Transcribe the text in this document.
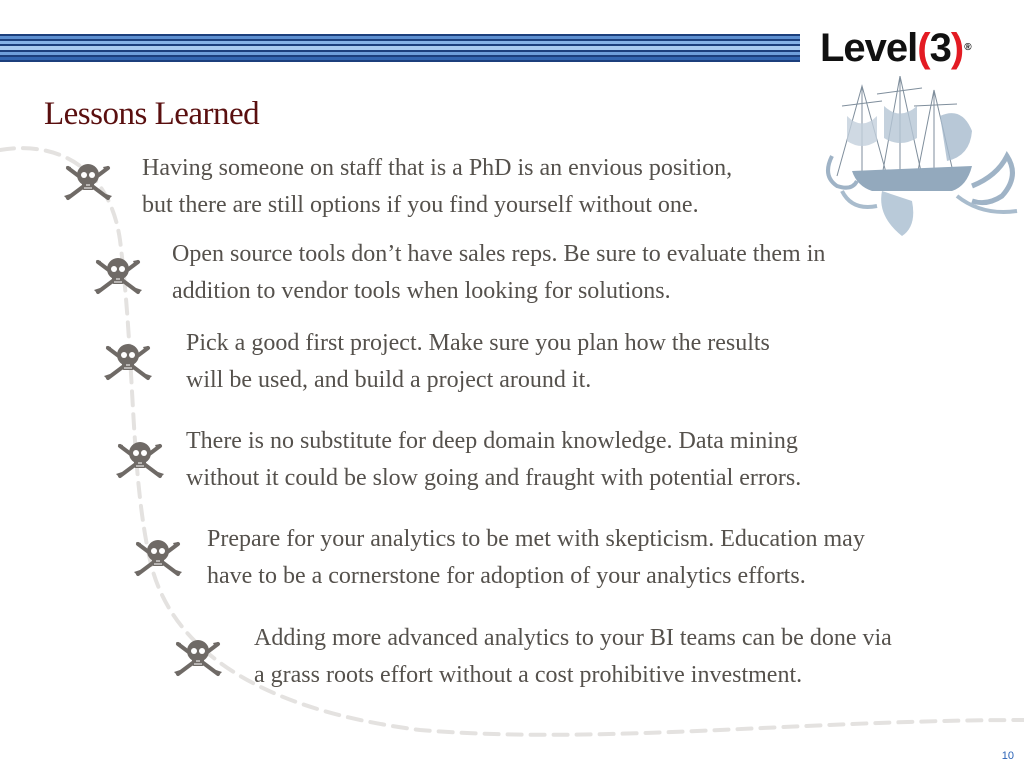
Level(3)®
Lessons Learned
Having someone on staff that is a PhD is an envious position,
but there are still options if you find yourself without one.
Open source tools don’t have sales reps. Be sure to evaluate them in
addition to vendor tools when looking for solutions.
Pick a good first project. Make sure you plan how the results
will be used, and build a project around it.
There is no substitute for deep domain knowledge. Data mining
without it could be slow going and fraught with potential errors.
Prepare for your analytics to be met with skepticism. Education may
have to be a cornerstone for adoption of your analytics efforts.
Adding more advanced analytics to your BI teams can be done via
a grass roots effort without a cost prohibitive investment.
10
